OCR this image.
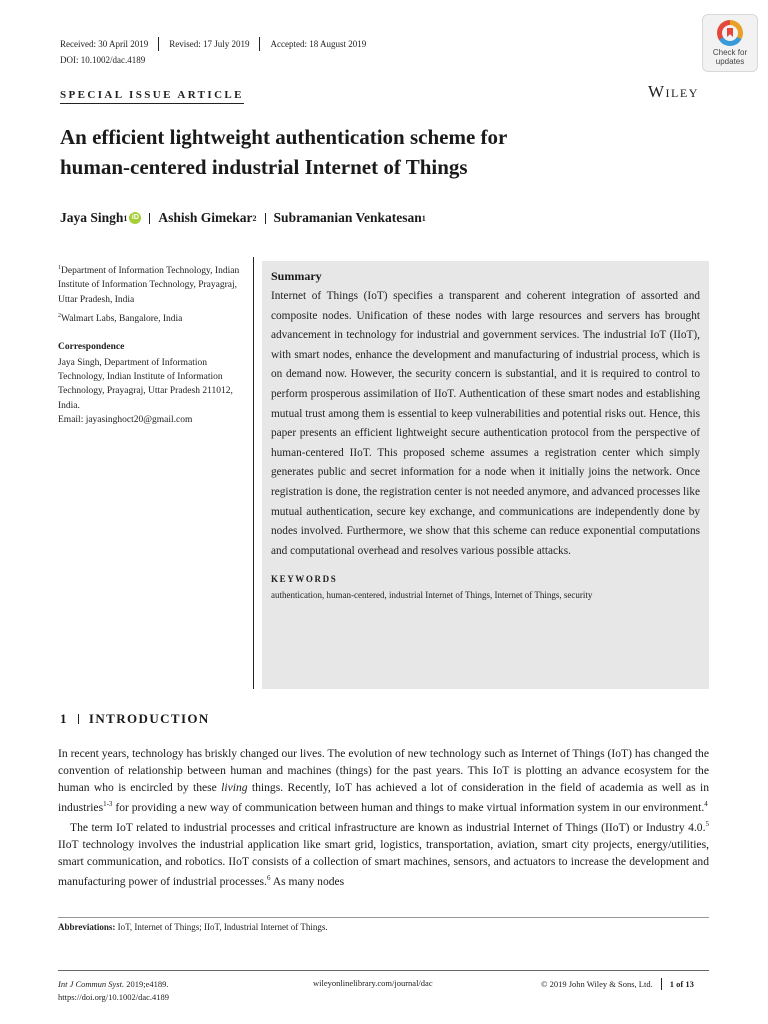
Received: 30 April 2019 Revised: 17 July 2019 Accepted: 18 August 2019
DOI: 10.1002/dac.4189
Check for
updates
SPECIAL ISSUE ARTICLE	Wiley
An efficient lightweight authentication scheme for
human-centered industrial Internet of Things
Jaya Singh 1 iD Ashish Gimekar 2 Subramanian Venkatesan 1

$^1$Department of Information Technology, Indian Institute of Information Technology, Prayagraj, Uttar Pradesh, India

$^2$Walmart Labs, Bangalore, India

Correspondence

Jaya Singh, Department of Information Technology, Indian Institute of Information Technology, Prayagraj, Uttar Pradesh 211012, India.
Email: jayasinghoct20@gmail.com

Summary
Internet of Things (IoT) specifies a transparent and coherent integration of assorted and composite nodes. Unification of these nodes with large resources and servers has brought advancement in technology for industrial and government services. The industrial IoT (IIoT), with smart nodes, enhance the development and manufacturing of industrial process, which is on demand now. However, the security concern is substantial, and it is required to control to perform prosperous assimilation of IIoT. Authentication of these smart nodes and establishing mutual trust among them is essential to keep vulnerabilities and potential risks out. Hence, this paper presents an efficient lightweight secure authentication protocol from the perspective of human-centered IIoT. This proposed scheme assumes a registration center which simply generates public and secret information for a node when it initially joins the network. Once registration is done, the registration center is not needed anymore, and advanced processes like mutual authentication, secure key exchange, and communications are independently done by nodes involved. Furthermore, we show that this scheme can reduce exponential computations and computational overhead and resolves various possible attacks.
KEYWORDS
authentication, human-centered, industrial Internet of Things, Internet of Things, security
1 INTRODUCTION

In recent years, technology has briskly changed our lives. The evolution of new technology such as Internet of Things (IoT) has changed the convention of relationship between human and machines (things) for the past years. This IoT is plotting an advance ecosystem for the human who is encircled by these living things. Recently, IoT has achieved a lot of consideration in the field of academia as well as in industries$^{1-3}$ for providing a new way of communication between human and things to make virtual information system in our environment.$^4$

The term IoT related to industrial processes and critical infrastructure are known as industrial Internet of Things (IIoT) or Industry 4.0.$^5$ IIoT technology involves the industrial application like smart grid, logistics, transportation, aviation, smart city projects, energy/utilities, smart communication, and robotics. IIoT consists of a collection of smart machines, sensors, and actuators to increase the development and manufacturing power of industrial processes.$^6$ As many nodes

Abbreviations: IoT, Internet of Things; IIoT, Industrial Internet of Things.
Int J Commun Syst. 2019;e4189.
https://doi.org/10.1002/dac.4189
wileyonlinelibrary.com/journal/dac	© 2019 John Wiley & Sons, Ltd. 1 of 13
